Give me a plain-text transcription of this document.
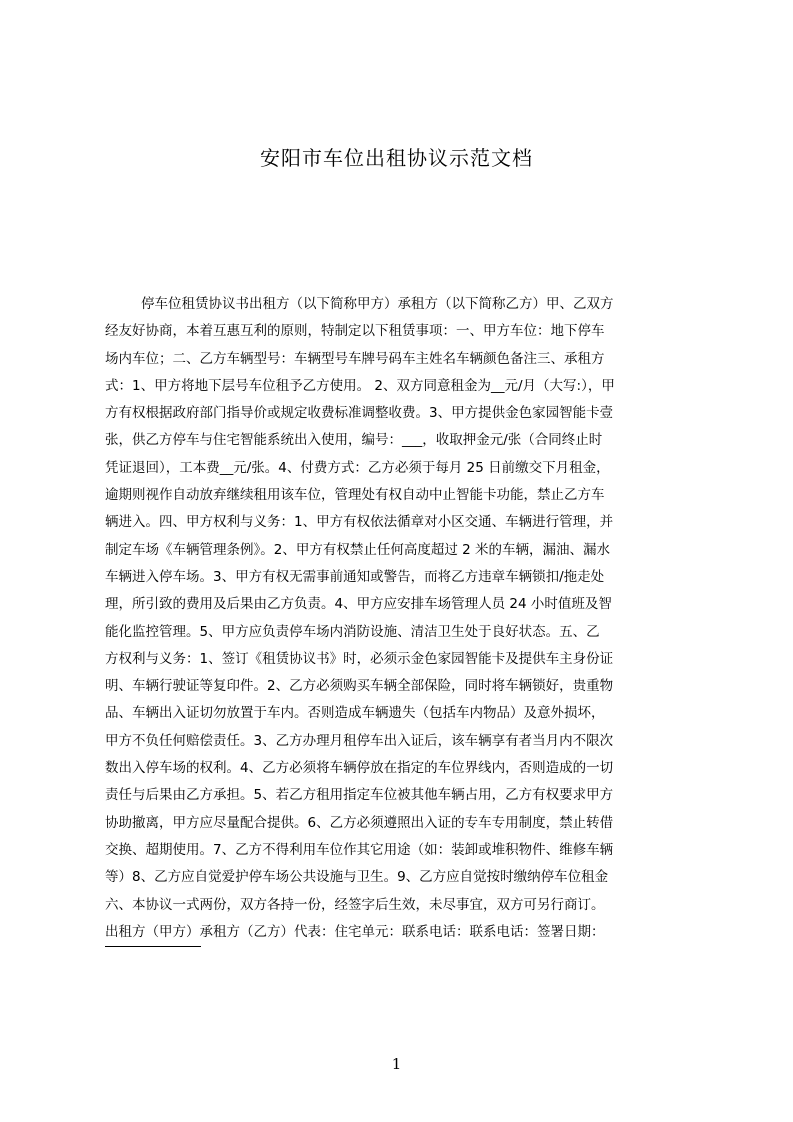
安阳市车位出租协议示范文档
停车位租赁协议书出租方（以下简称甲方）承租方（以下简称乙方）甲、乙双方
经友好协商，本着互惠互利的原则，特制定以下租赁事项：一、甲方车位：地下停车
场内车位；二、乙方车辆型号：车辆型号车牌号码车主姓名车辆颜色备注三、承租方
式：1、甲方将地下层号车位租予乙方使用。 2、双方同意租金为__元/月（大写:），甲
方有权根据政府部门指导价或规定收费标准调整收费。3、甲方提供金色家园智能卡壹
张，供乙方停车与住宅智能系统出入使用，编号：___，收取押金元/张（合同终止时
凭证退回），工本费__元/张。4、付费方式：乙方必须于每月 25 日前缴交下月租金，
逾期则视作自动放弃继续租用该车位，管理处有权自动中止智能卡功能，禁止乙方车
辆进入。四、甲方权利与义务：1、甲方有权依法循章对小区交通、车辆进行管理，并
制定车场《车辆管理条例》。2、甲方有权禁止任何高度超过 2 米的车辆，漏油、漏水
车辆进入停车场。3、甲方有权无需事前通知或警告，而将乙方违章车辆锁扣/拖走处
理，所引致的费用及后果由乙方负责。4、甲方应安排车场管理人员 24 小时值班及智
能化监控管理。5、甲方应负责停车场内消防设施、清洁卫生处于良好状态。五、乙
方权利与义务：1、签订《租赁协议书》时，必须示金色家园智能卡及提供车主身份证
明、车辆行驶证等复印件。2、乙方必须购买车辆全部保险，同时将车辆锁好，贵重物
品、车辆出入证切勿放置于车内。否则造成车辆遗失（包括车内物品）及意外损坏，
甲方不负任何赔偿责任。3、乙方办理月租停车出入证后，该车辆享有者当月内不限次
数出入停车场的权利。4、乙方必须将车辆停放在指定的车位界线内，否则造成的一切
责任与后果由乙方承担。5、若乙方租用指定车位被其他车辆占用，乙方有权要求甲方
协助撤离，甲方应尽量配合提供。6、乙方必须遵照出入证的专车专用制度，禁止转借
交换、超期使用。7、乙方不得利用车位作其它用途（如：装卸或堆积物件、维修车辆
等）8、乙方应自觉爱护停车场公共设施与卫生。9、乙方应自觉按时缴纳停车位租金
六、本协议一式两份，双方各持一份，经签字后生效，未尽事宜，双方可另行商订。
出租方（甲方）承租方（乙方）代表：住宅单元：联系电话：联系电话：签署日期：
1
